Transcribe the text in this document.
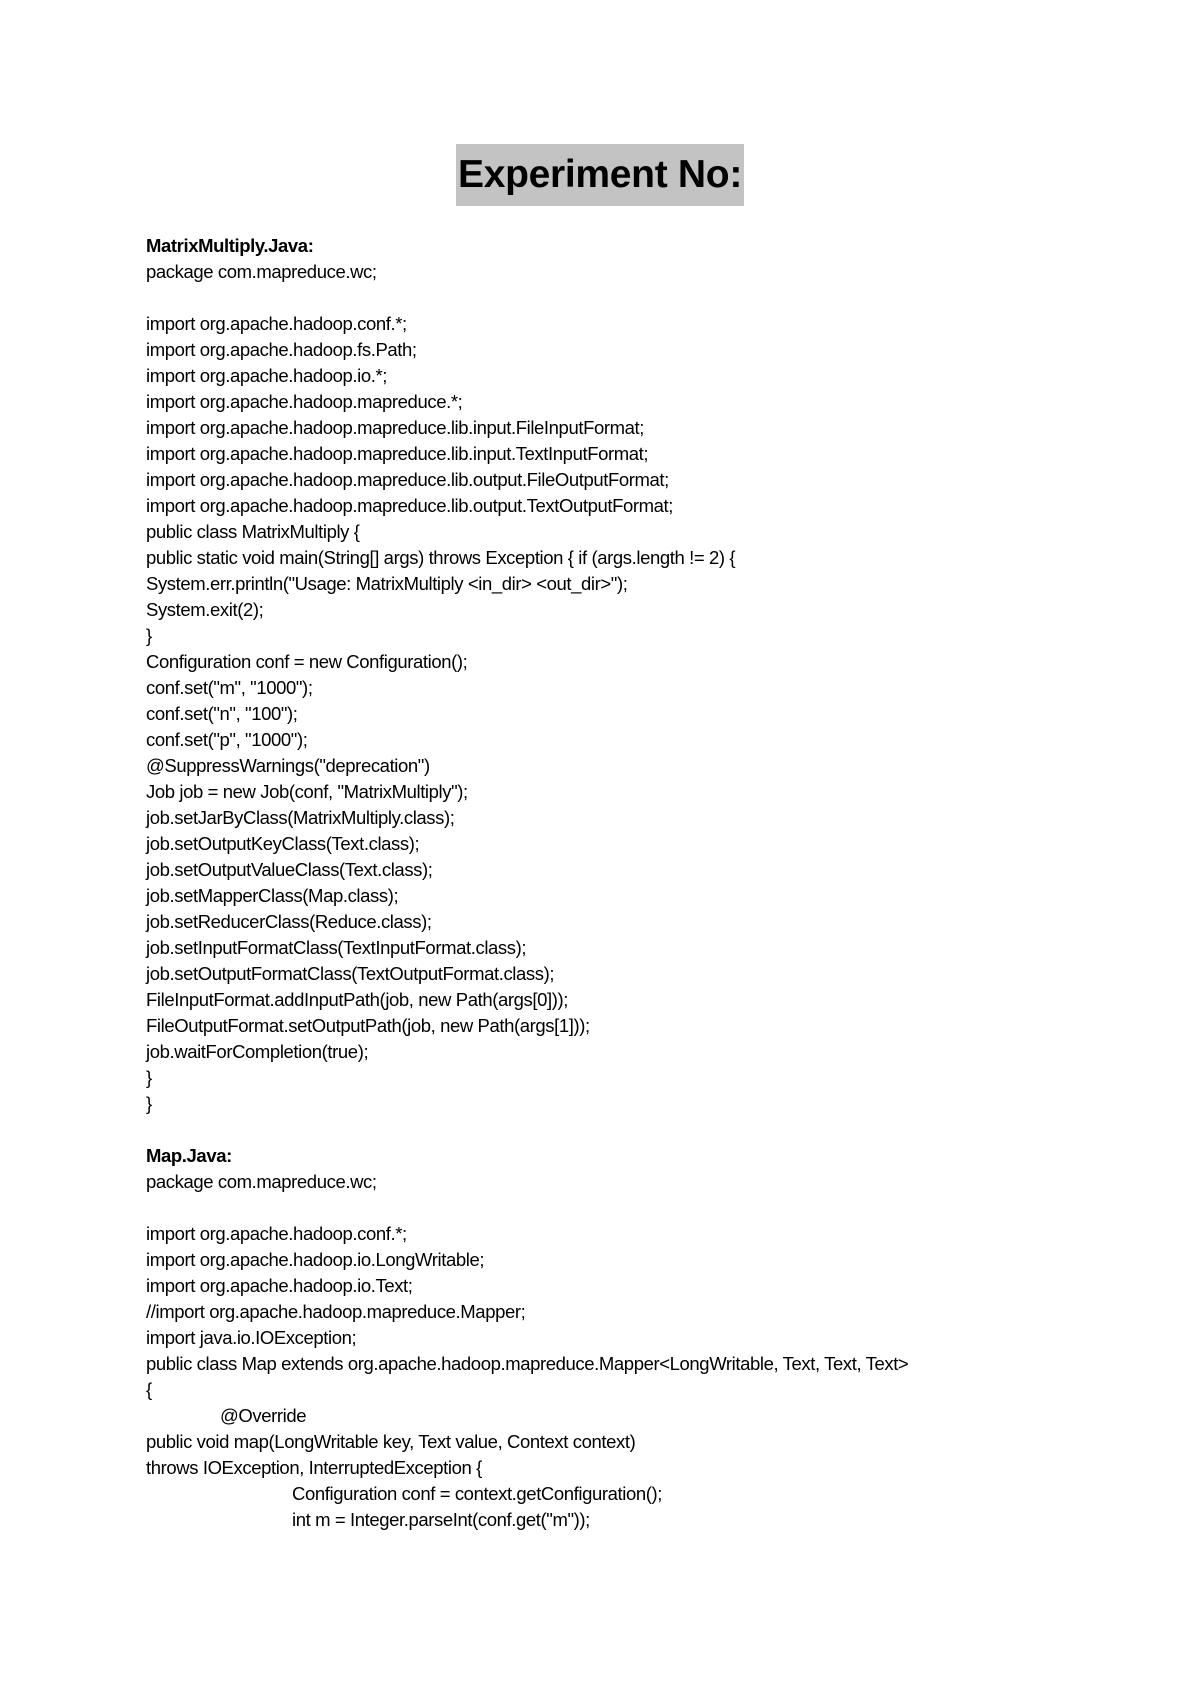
Experiment No:
MatrixMultiply.Java:
package com.mapreduce.wc;
import org.apache.hadoop.conf.*;
import org.apache.hadoop.fs.Path;
import org.apache.hadoop.io.*;
import org.apache.hadoop.mapreduce.*;
import org.apache.hadoop.mapreduce.lib.input.FileInputFormat;
import org.apache.hadoop.mapreduce.lib.input.TextInputFormat;
import org.apache.hadoop.mapreduce.lib.output.FileOutputFormat;
import org.apache.hadoop.mapreduce.lib.output.TextOutputFormat;
public class MatrixMultiply {
public static void main(String[] args) throws Exception { if (args.length != 2) {
System.err.println("Usage: MatrixMultiply <in_dir> <out_dir>");
System.exit(2);
}
Configuration conf = new Configuration();
conf.set("m", "1000");
conf.set("n", "100");
conf.set("p", "1000");
@SuppressWarnings("deprecation")
Job job = new Job(conf, "MatrixMultiply");
job.setJarByClass(MatrixMultiply.class);
job.setOutputKeyClass(Text.class);
job.setOutputValueClass(Text.class);
job.setMapperClass(Map.class);
job.setReducerClass(Reduce.class);
job.setInputFormatClass(TextInputFormat.class);
job.setOutputFormatClass(TextOutputFormat.class);
FileInputFormat.addInputPath(job, new Path(args[0]));
FileOutputFormat.setOutputPath(job, new Path(args[1]));
job.waitForCompletion(true);
}
}
Map.Java:
package com.mapreduce.wc;
import org.apache.hadoop.conf.*;
import org.apache.hadoop.io.LongWritable;
import org.apache.hadoop.io.Text;
//import org.apache.hadoop.mapreduce.Mapper;
import java.io.IOException;
public class Map extends org.apache.hadoop.mapreduce.Mapper<LongWritable, Text, Text, Text>
{
@Override
public void map(LongWritable key, Text value, Context context)
throws IOException, InterruptedException {
Configuration conf = context.getConfiguration();
int m = Integer.parseInt(conf.get("m"));
